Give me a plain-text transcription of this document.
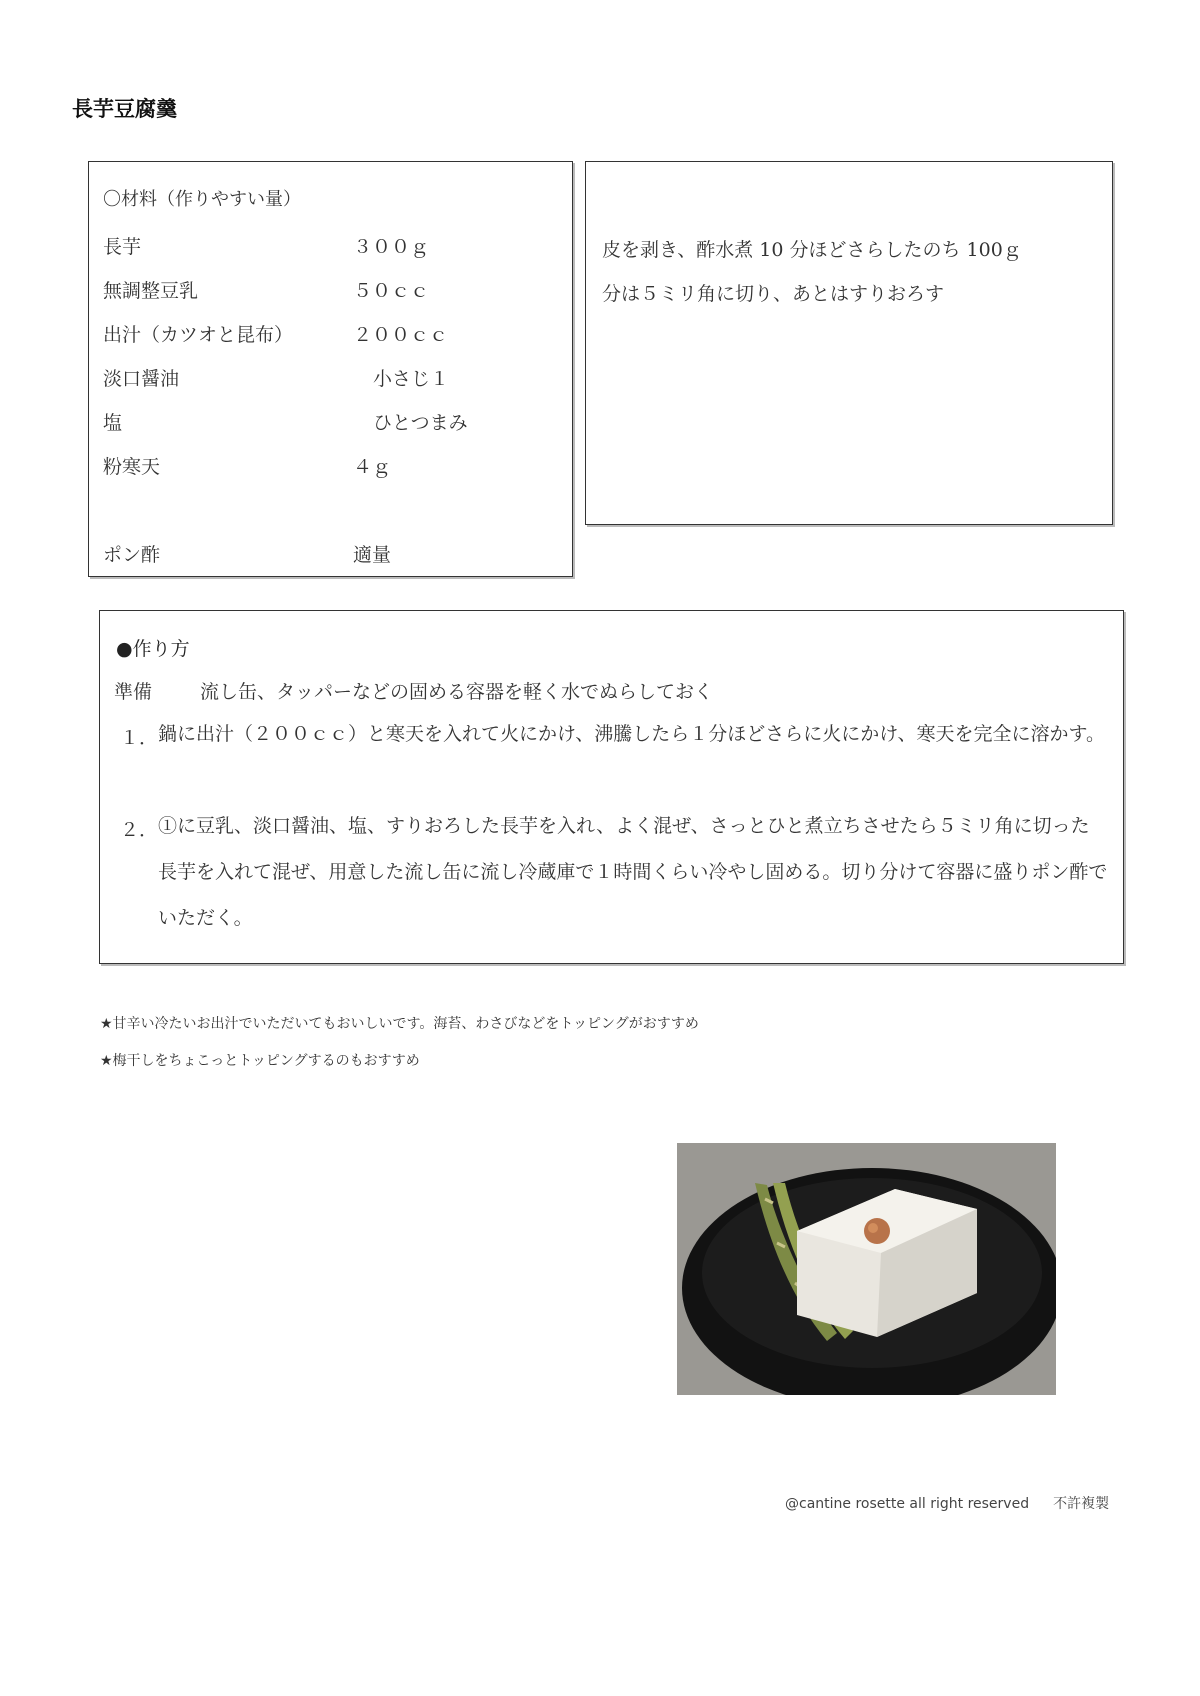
長芋豆腐羹
〇材料（作りやすい量）
長芋	３００ｇ
無調整豆乳	５０ｃｃ
出汁（カツオと昆布）	２００ｃｃ
淡口醤油	小さじ１
塩	ひとつまみ
粉寒天	４ｇ
ポン酢	適量
皮を剥き、酢水煮 10 分ほどさらしたのち 100ｇ
分は５ミリ角に切り、あとはすりおろす
●作り方
準備	流し缶、タッパーなどの固める容器を軽く水でぬらしておく
１． 鍋に出汁（２００ｃｃ）と寒天を入れて火にかけ、沸騰したら１分ほどさらに火にかけ、寒天を完全に溶かす。
２． ①に豆乳、淡口醤油、塩、すりおろした長芋を入れ、よく混ぜ、さっとひと煮立ちさせたら５ミリ角に切った長芋を入れて混ぜ、用意した流し缶に流し冷蔵庫で１時間くらい冷やし固める。切り分けて容器に盛りポン酢でいただく。
★甘辛い冷たいお出汁でいただいてもおいしいです。海苔、わさびなどをトッピングがおすすめ
★梅干しをちょこっとトッピングするのもおすすめ
@cantine rosette all right reserved 不許複製
